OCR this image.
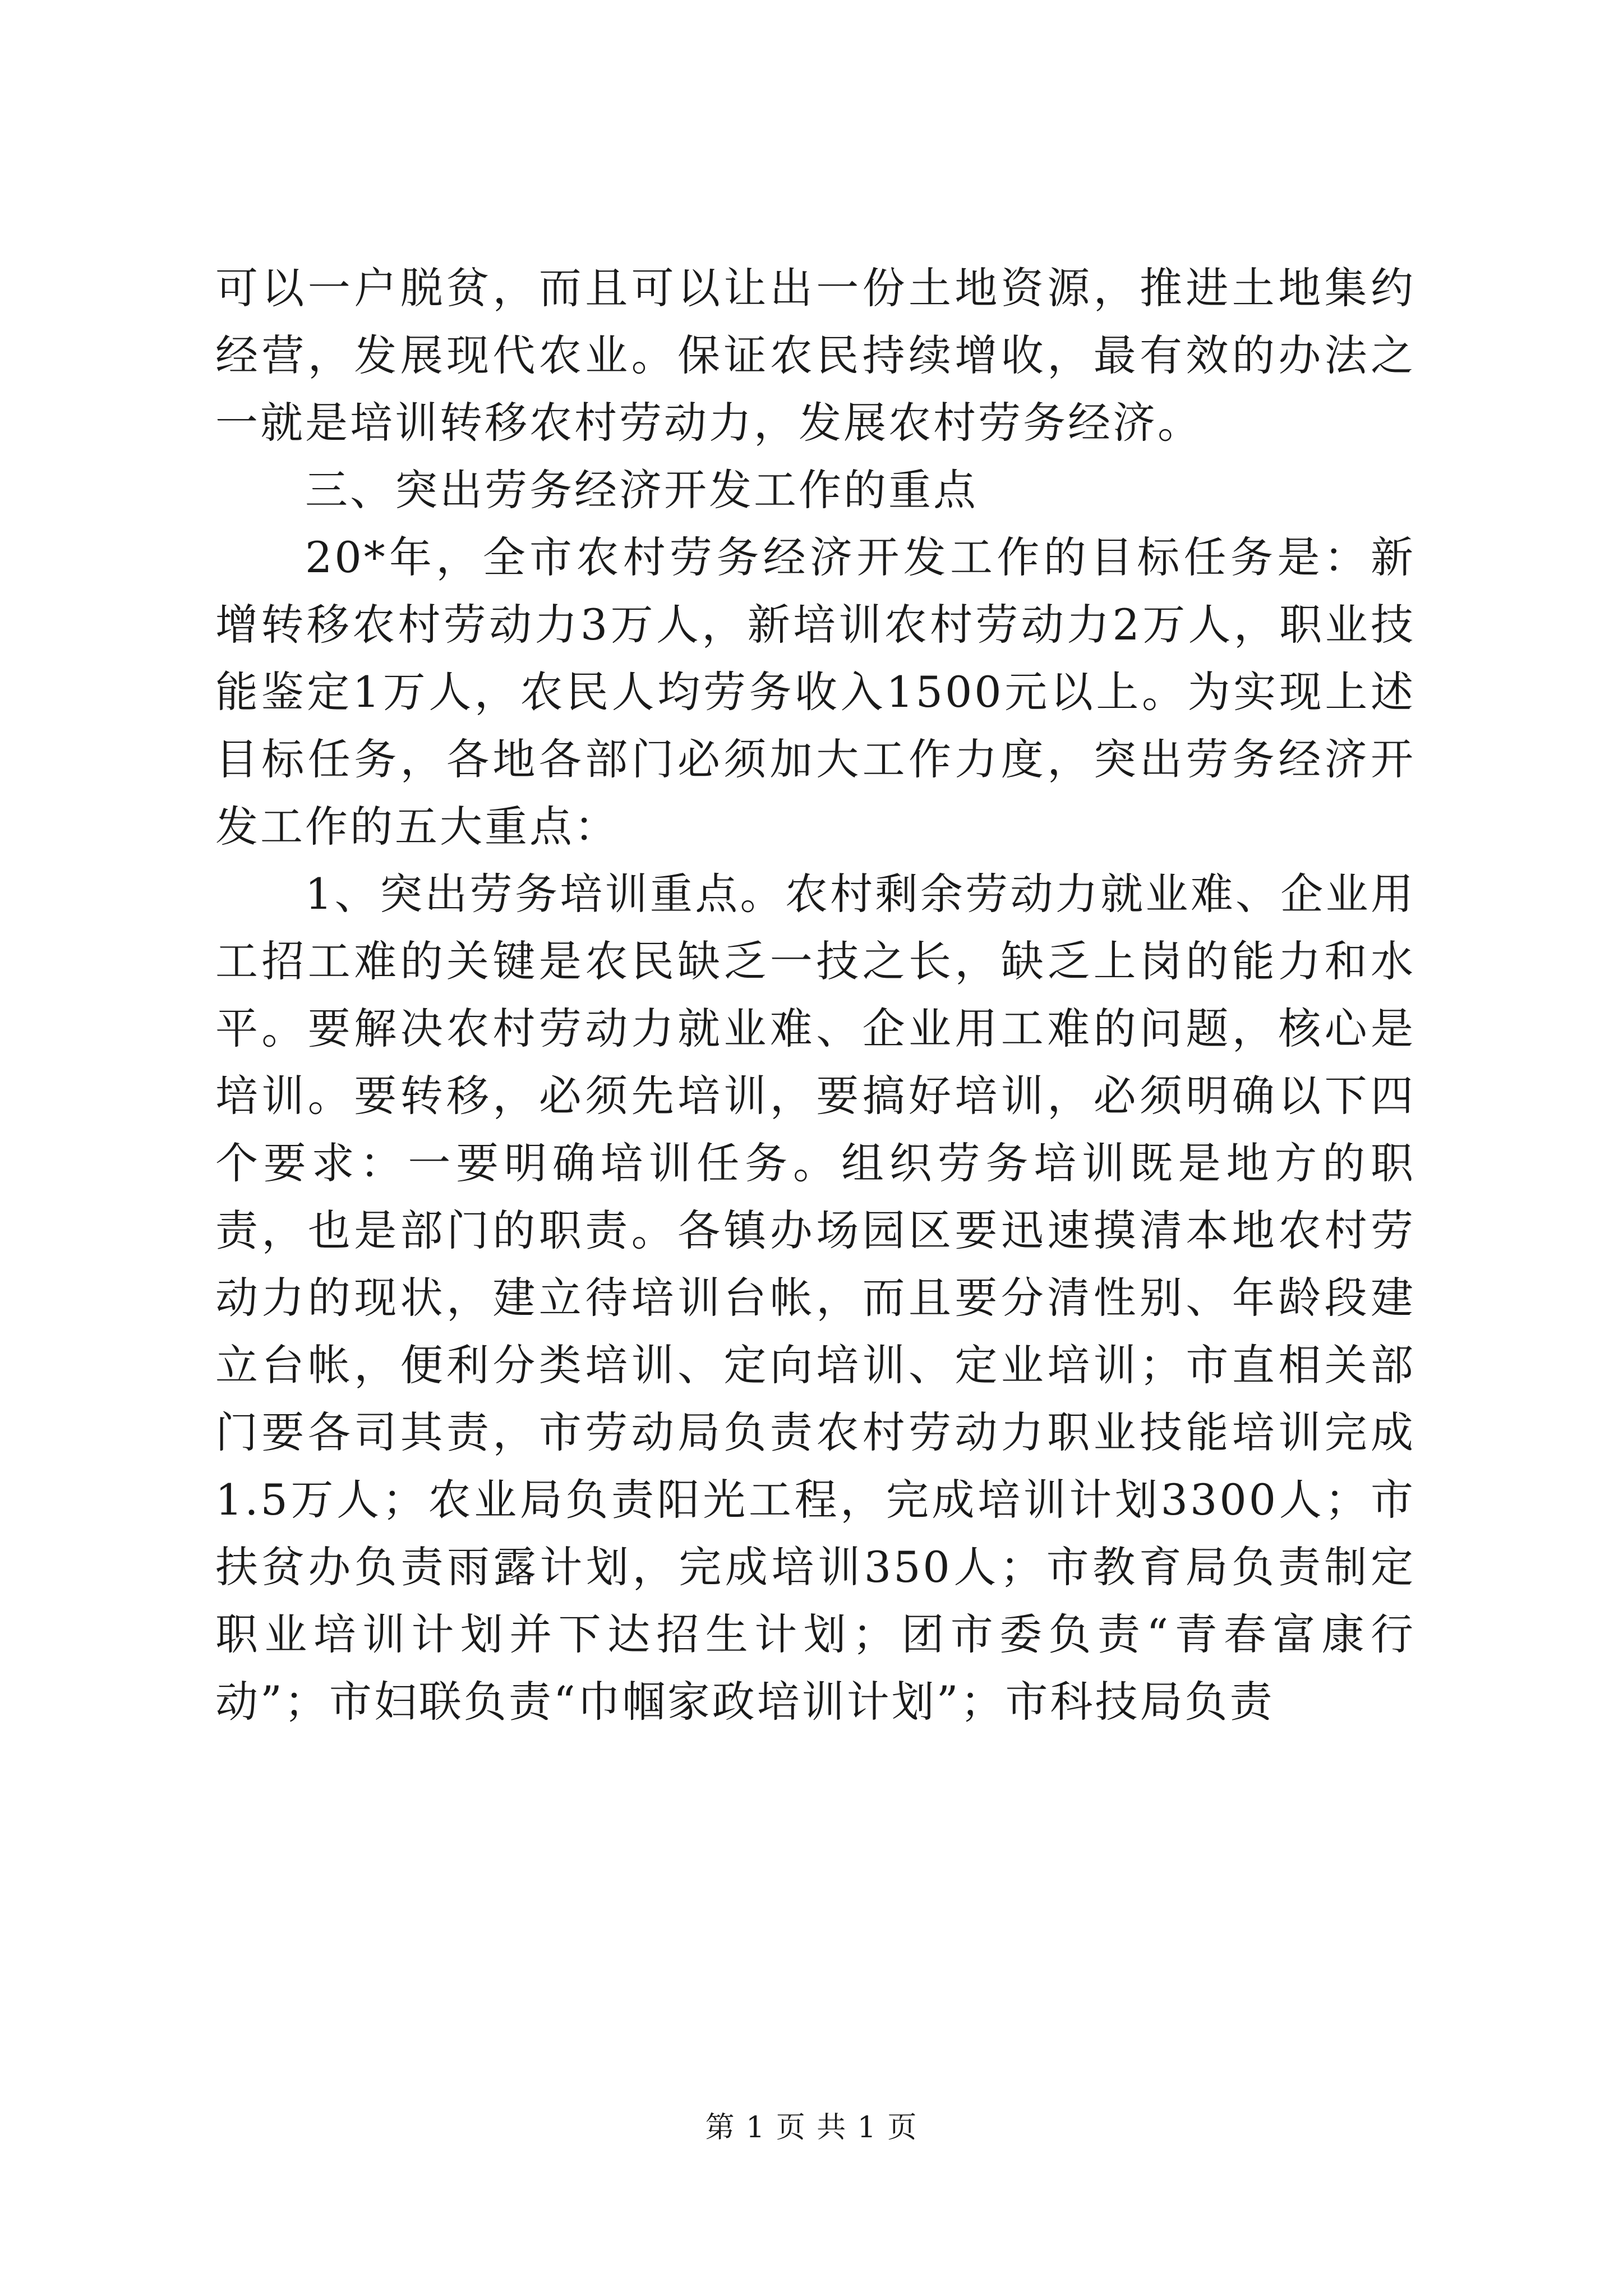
可以一户脱贫，而且可以让出一份土地资源，推进土地集约经营，发展现代农业。保证农民持续增收，最有效的办法之一就是培训转移农村劳动力，发展农村劳务经济。

三、突出劳务经济开发工作的重点

20*年，全市农村劳务经济开发工作的目标任务是：新增转移农村劳动力3万人，新培训农村劳动力2万人，职业技能鉴定1万人，农民人均劳务收入1500元以上。为实现上述目标任务，各地各部门必须加大工作力度，突出劳务经济开发工作的五大重点：

1、突出劳务培训重点。农村剩余劳动力就业难、企业用工招工难的关键是农民缺乏一技之长，缺乏上岗的能力和水平。要解决农村劳动力就业难、企业用工难的问题，核心是培训。要转移，必须先培训，要搞好培训，必须明确以下四个要求：一要明确培训任务。组织劳务培训既是地方的职责，也是部门的职责。各镇办场园区要迅速摸清本地农村劳动力的现状，建立待培训台帐，而且要分清性别、年龄段建立台帐，便利分类培训、定向培训、定业培训；市直相关部门要各司其责，市劳动局负责农村劳动力职业技能培训完成1.5万人；农业局负责阳光工程，完成培训计划3300人；市扶贫办负责雨露计划，完成培训350人；市教育局负责制定职业培训计划并下达招生计划；团市委负责“青春富康行动”；市妇联负责“巾帼家政培训计划”；市科技局负责

第 1 页 共 1 页
